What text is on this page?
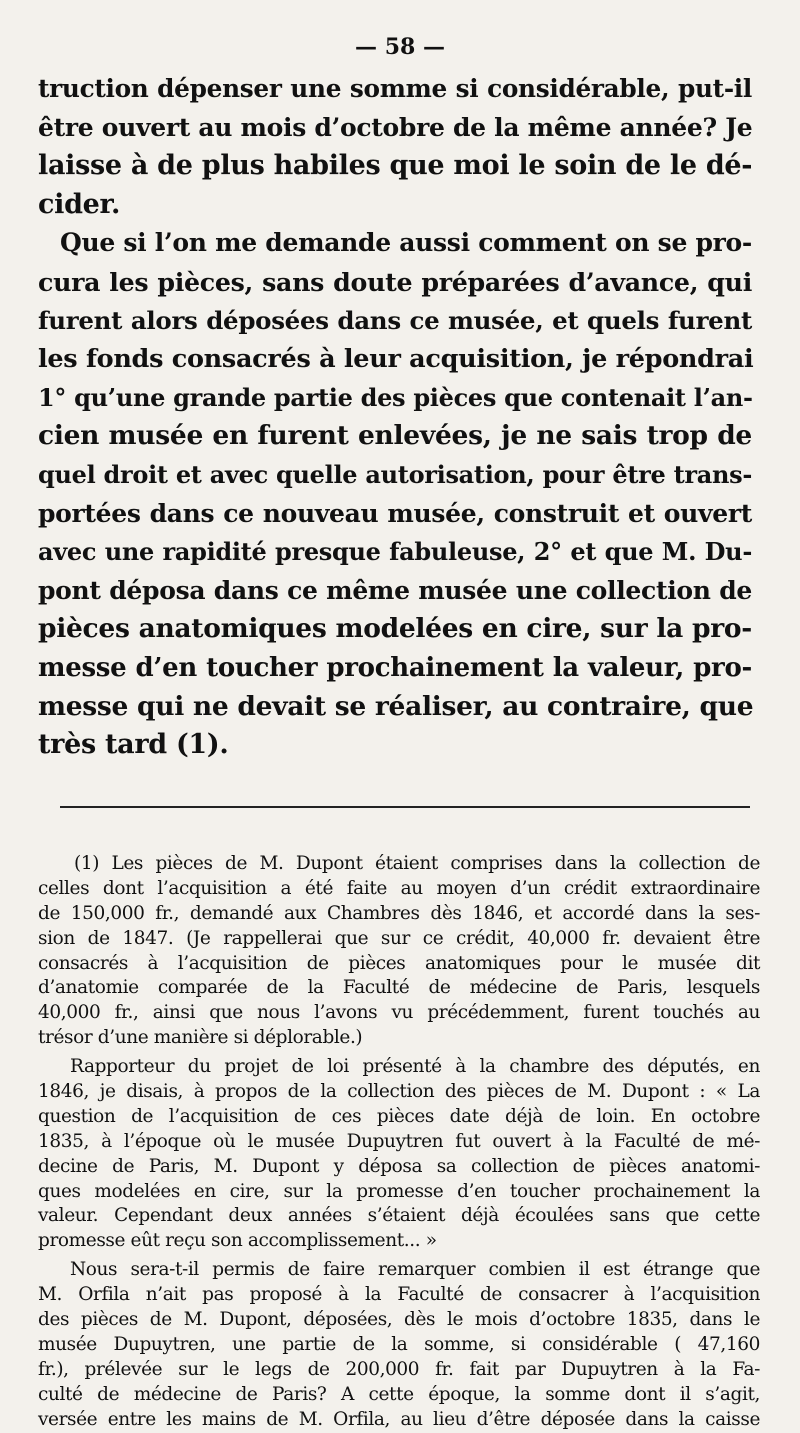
— 58 —
truction dépenser une somme si considérable, put-il
être ouvert au mois d’octobre de la même année? Je
laisse à de plus habiles que moi le soin de le dé-
cider.
Que si l’on me demande aussi comment on se pro-
cura les pièces, sans doute préparées d’avance, qui
furent alors déposées dans ce musée, et quels furent
les fonds consacrés à leur acquisition, je répondrai
1° qu’une grande partie des pièces que contenait l’an-
cien musée en furent enlevées, je ne sais trop de
quel droit et avec quelle autorisation, pour être trans-
portées dans ce nouveau musée, construit et ouvert
avec une rapidité presque fabuleuse, 2° et que M. Du-
pont déposa dans ce même musée une collection de
pièces anatomiques modelées en cire, sur la pro-
messe d’en toucher prochainement la valeur, pro-
messe qui ne devait se réaliser, au contraire, que
très tard (1).
(1) Les pièces de M. Dupont étaient comprises dans la collection de
celles dont l’acquisition a été faite au moyen d’un crédit extraordinaire
de 150,000 fr., demandé aux Chambres dès 1846, et accordé dans la ses-
sion de 1847. (Je rappellerai que sur ce crédit, 40,000 fr. devaient être
consacrés à l’acquisition de pièces anatomiques pour le musée dit
d’anatomie comparée de la Faculté de médecine de Paris, lesquels
40,000 fr., ainsi que nous l’avons vu précédemment, furent touchés au
trésor d’une manière si déplorable.)
Rapporteur du projet de loi présenté à la chambre des députés, en
1846, je disais, à propos de la collection des pièces de M. Dupont : « La
question de l’acquisition de ces pièces date déjà de loin. En octobre
1835, à l’époque où le musée Dupuytren fut ouvert à la Faculté de mé-
decine de Paris, M. Dupont y déposa sa collection de pièces anatomi-
ques modelées en cire, sur la promesse d’en toucher prochainement la
valeur. Cependant deux années s’étaient déjà écoulées sans que cette
promesse eût reçu son accomplissement... »
Nous sera-t-il permis de faire remarquer combien il est étrange que
M. Orfila n’ait pas proposé à la Faculté de consacrer à l’acquisition
des pièces de M. Dupont, déposées, dès le mois d’octobre 1835, dans le
musée Dupuytren, une partie de la somme, si considérable ( 47,160
fr.), prélevée sur le legs de 200,000 fr. fait par Dupuytren à la Fa-
culté de médecine de Paris? A cette époque, la somme dont il s’agit,
versée entre les mains de M. Orfila, au lieu d’être déposée dans la caisse
